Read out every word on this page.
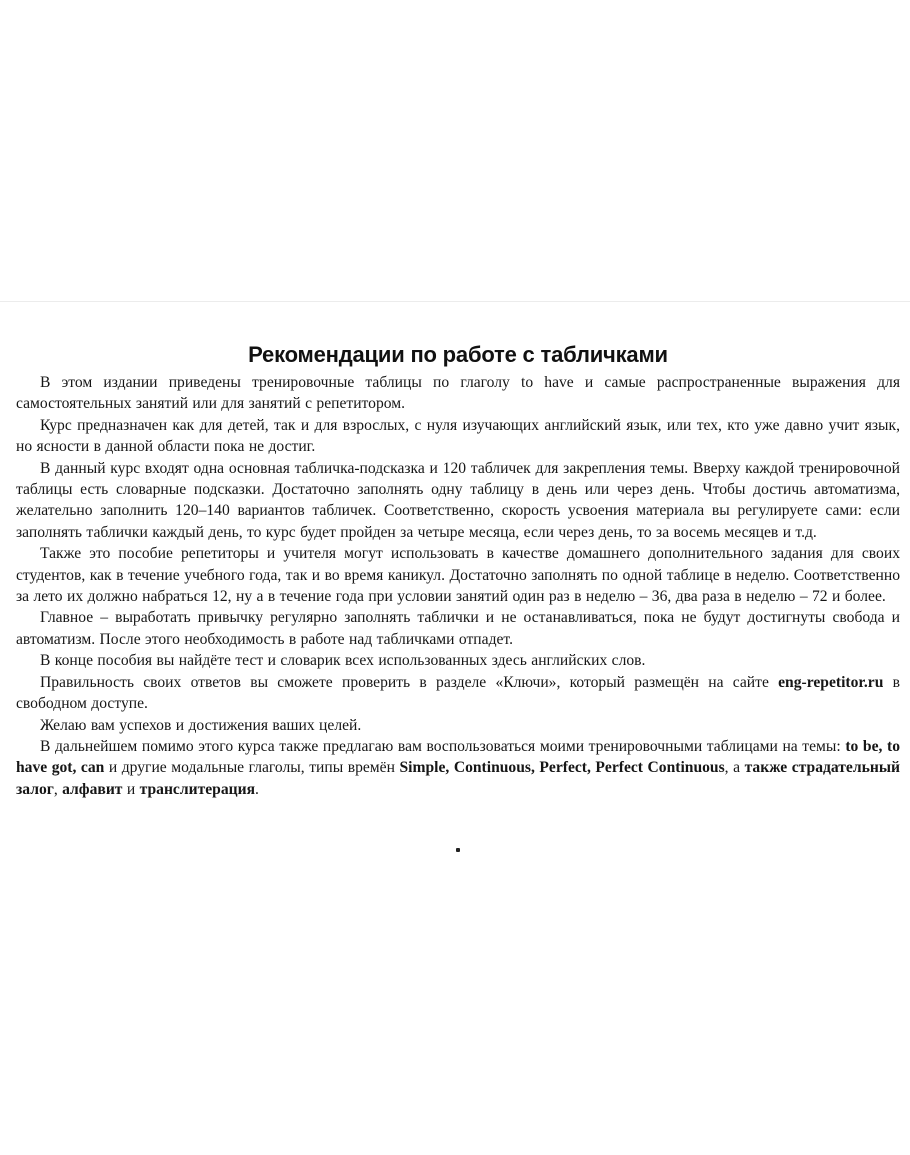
Рекомендации по работе с табличками

В этом издании приведены тренировочные таблицы по глаголу to have и самые распространенные выражения для самостоятельных занятий или для занятий с репетитором.

Курс предназначен как для детей, так и для взрослых, с нуля изучающих английский язык, или тех, кто уже давно учит язык, но ясности в данной области пока не достиг.

В данный курс входят одна основная табличка-подсказка и 120 табличек для закрепления темы. Вверху каждой тренировочной таблицы есть словарные подсказки. Достаточно заполнять одну таблицу в день или через день. Чтобы достичь автоматизма, желательно заполнить 120–140 вариантов табличек. Соответственно, скорость усвоения материала вы регулируете сами: если заполнять таблички каждый день, то курс будет пройден за четыре месяца, если через день, то за восемь месяцев и т.д.

Также это пособие репетиторы и учителя могут использовать в качестве домашнего дополнительного задания для своих студентов, как в течение учебного года, так и во время каникул. Достаточно заполнять по одной таблице в неделю. Соответственно за лето их должно набраться 12, ну а в течение года при условии занятий один раз в неделю – 36, два раза в неделю – 72 и более.

Главное – выработать привычку регулярно заполнять таблички и не останавливаться, пока не будут достигнуты свобода и автоматизм. После этого необходимость в работе над табличками отпадет.

В конце пособия вы найдёте тест и словарик всех использованных здесь английских слов.

Правильность своих ответов вы сможете проверить в разделе «Ключи», который размещён на сайте eng-repetitor.ru в свободном доступе.

Желаю вам успехов и достижения ваших целей.

В дальнейшем помимо этого курса также предлагаю вам воспользоваться моими тренировочными таблицами на темы: to be, to have got, can и другие модальные глаголы, типы времён Simple, Continuous, Perfect, Perfect Continuous, а также страдательный залог, алфавит и транслитерация.
